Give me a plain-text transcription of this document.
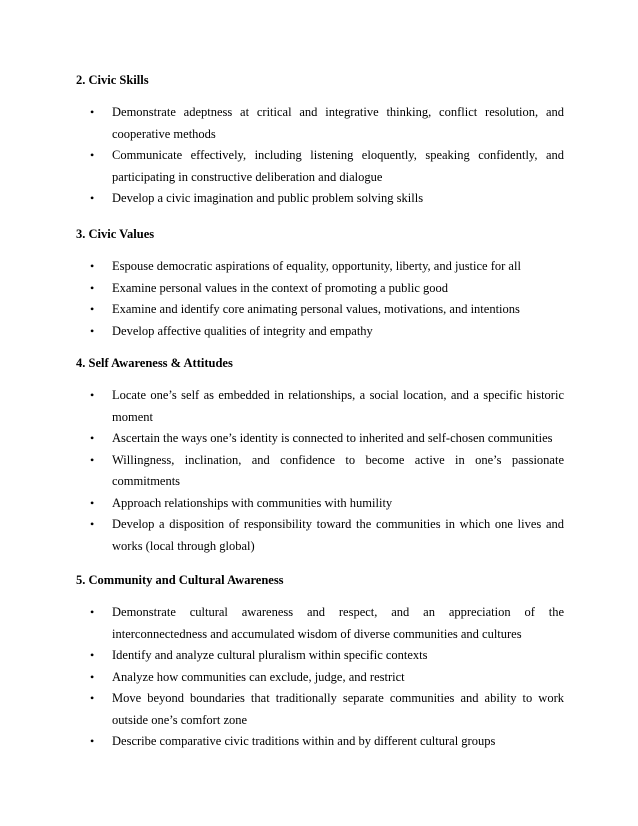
2. Civic Skills

• Demonstrate adeptness at critical and integrative thinking, conflict resolution, and cooperative methods
• Communicate effectively, including listening eloquently, speaking confidently, and participating in constructive deliberation and dialogue
• Develop a civic imagination and public problem solving skills

3. Civic Values

• Espouse democratic aspirations of equality, opportunity, liberty, and justice for all
• Examine personal values in the context of promoting a public good
• Examine and identify core animating personal values, motivations, and intentions
• Develop affective qualities of integrity and empathy

4. Self Awareness & Attitudes

• Locate one’s self as embedded in relationships, a social location, and a specific historic moment
• Ascertain the ways one’s identity is connected to inherited and self-chosen communities
• Willingness, inclination, and confidence to become active in one’s passionate commitments
• Approach relationships with communities with humility
• Develop a disposition of responsibility toward the communities in which one lives and works (local through global)

5. Community and Cultural Awareness

• Demonstrate cultural awareness and respect, and an appreciation of the interconnectedness and accumulated wisdom of diverse communities and cultures
• Identify and analyze cultural pluralism within specific contexts
• Analyze how communities can exclude, judge, and restrict
• Move beyond boundaries that traditionally separate communities and ability to work outside one’s comfort zone
• Describe comparative civic traditions within and by different cultural groups
